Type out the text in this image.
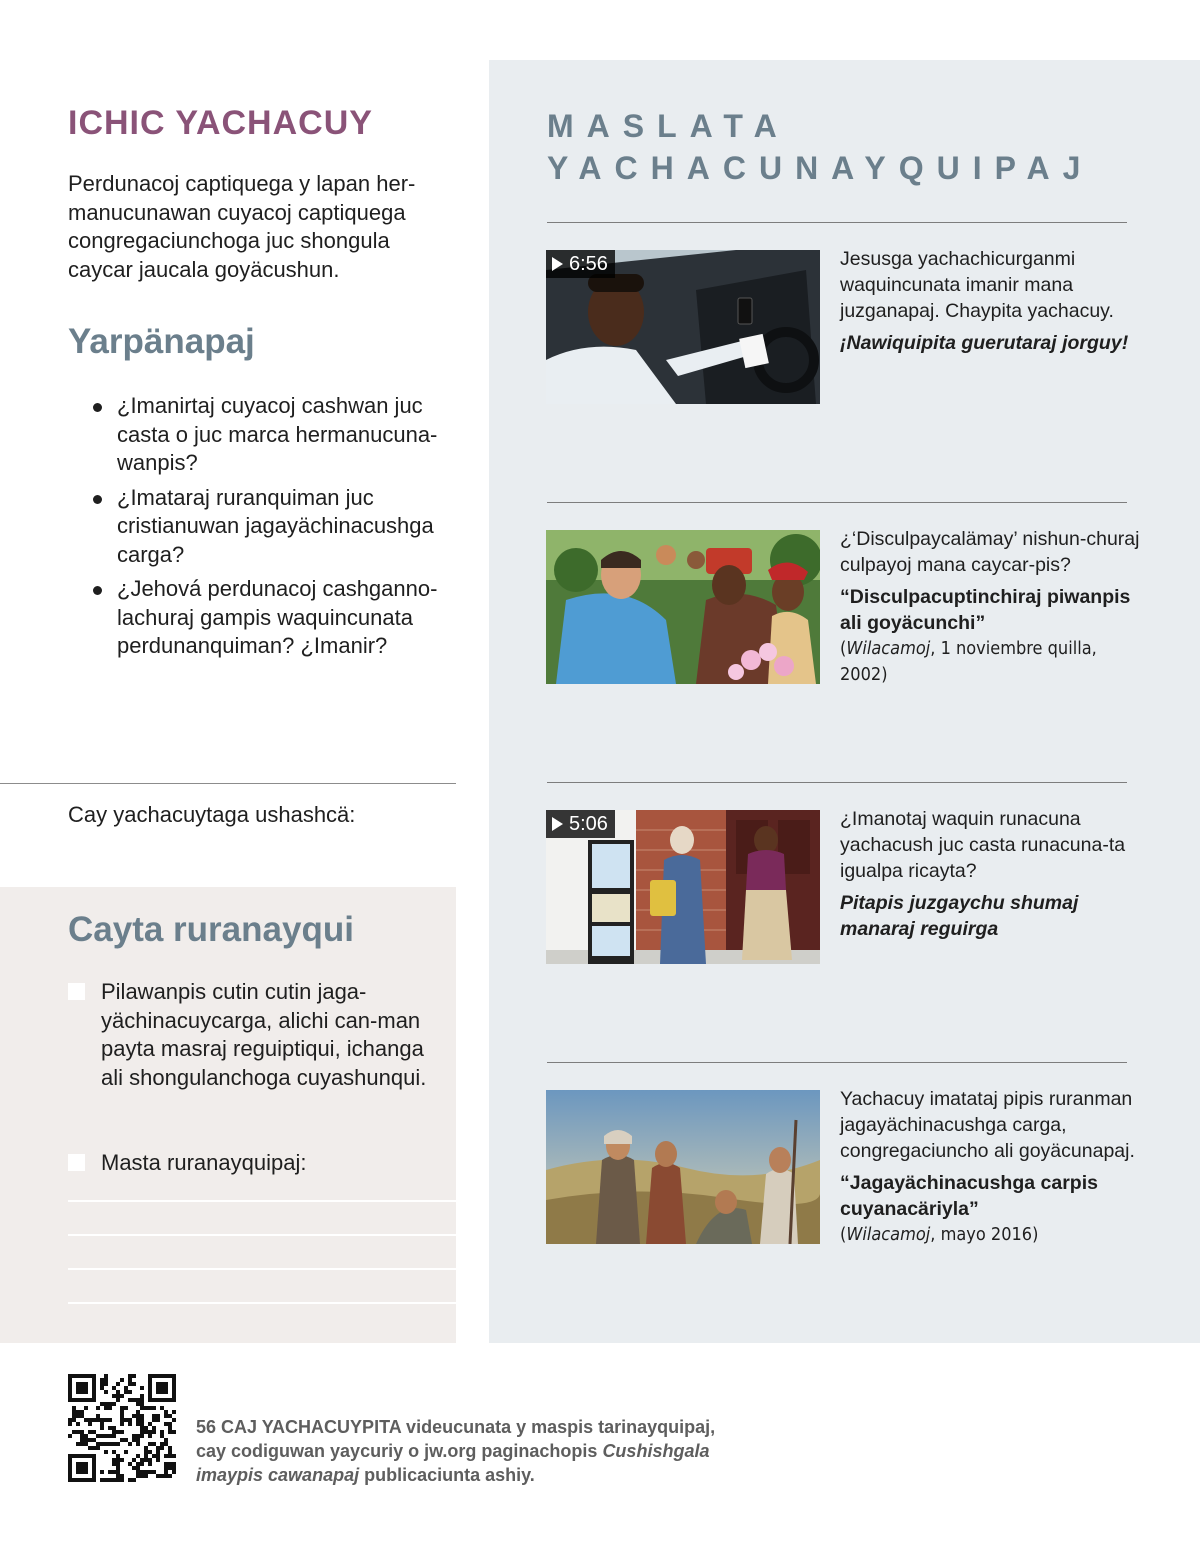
ICHIC YACHACUY

Perdunacoj captiquega y lapan her-manucunawan cuyacoj captiquega congregaciunchoga juc shongula caycar jaucala goyäcushun.

Yarpänapaj
¿Imanirtaj cuyacoj cashwan juc casta o juc marca hermanucuna-wanpis?
¿Imataraj ruranquiman juc cristianuwan jagayächinacushga carga?
¿Jehová perdunacoj cashganno-lachuraj gampis waquincunata perdunanquiman? ¿Imanir?
Cay yachacuytaga ushashcä:
Cayta ruranayqui
Pilawanpis cutin cutin jaga-yächinacuycarga, alichi can-man payta masraj reguiptiqui, ichanga ali shongulanchoga cuyashunqui.
Masta ruranayquipaj:
MASLATA
YACHACUNAYQUIPAJ
6:56	Jesusga yachachicurganmi waquincunata imanir mana juzganapaj. Chaypita yachacuy.

¡Nawiquipita guerutaraj jorguy!

¿‘Disculpaycalämay’ nishun-churaj culpayoj mana caycar-pis?

“Disculpacuptinchiraj piwanpis ali goyäcunchi”

(Wilacamoj, 1 noviembre quilla, 2002)

5:06	¿Imanotaj waquin runacuna yachacush juc casta runacuna-ta igualpa ricayta?

Pitapis juzgaychu shumaj manaraj reguirga

Yachacuy imatataj pipis ruranman jagayächinacushga carga, congregaciuncho ali goyäcunapaj.

“Jagayächinacushga carpis cuyanacäriyla”

(Wilacamoj, mayo 2016)

56 CAJ YACHACUYPITA videucunata y maspis tarinayquipaj,
cay codiguwan yaycuriy o jw.org paginachopis Cushishgala
imaypis cawanapaj publicaciunta ashiy.
